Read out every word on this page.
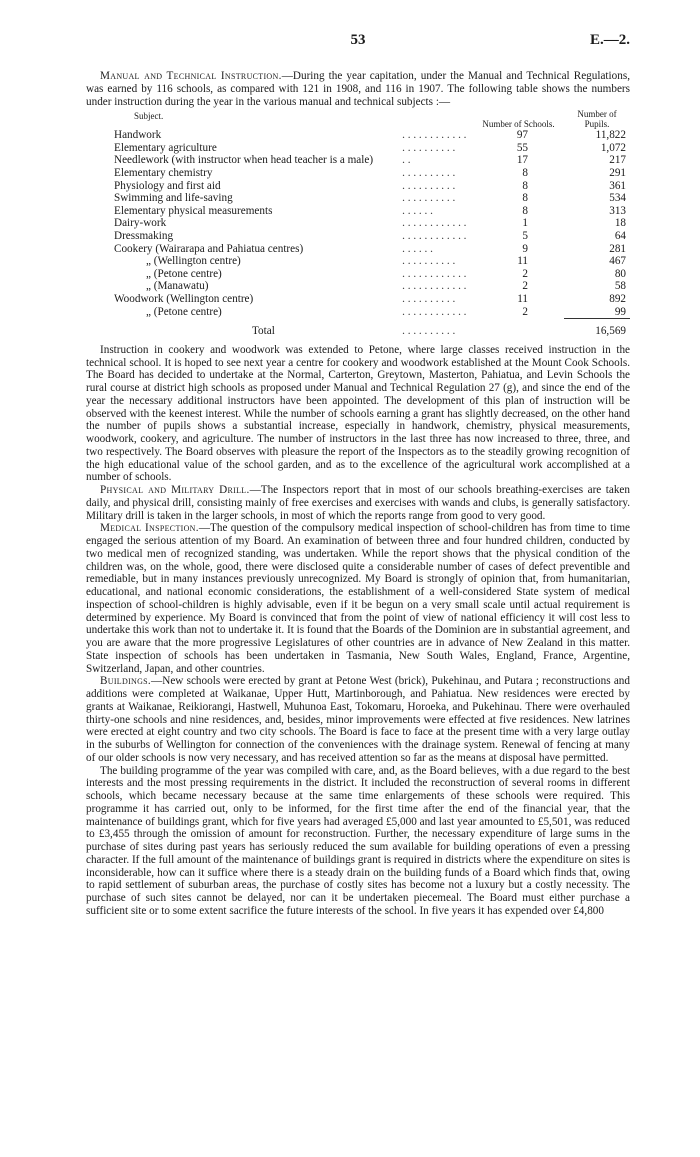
53	E.—2.

Manual and Technical Instruction.—During the year capitation, under the Manual and Technical Regulations, was earned by 116 schools, as compared with 121 in 1908, and 116 in 1907. The following table shows the numbers under instruction during the year in the various manual and technical subjects :—

Subject.		Number of Schools.	Number of Pupils.
Handwork	. . . . . . . . . . . .	97	11,822
Elementary agriculture	. . . . . . . . . .	55	1,072
Needlework (with instructor when head teacher is a male)	. .	17	217
Elementary chemistry	. . . . . . . . . .	8	291
Physiology and first aid	. . . . . . . . . .	8	361
Swimming and life-saving	. . . . . . . . . .	8	534
Elementary physical measurements	. . . . . .	8	313
Dairy-work	. . . . . . . . . . . .	1	18
Dressmaking	. . . . . . . . . . . .	5	64
Cookery (Wairarapa and Pahiatua centres)	. . . . . .	9	281
„ (Wellington centre)	. . . . . . . . . .	11	467
„ (Petone centre)	. . . . . . . . . . . .	2	80
„ (Manawatu)	. . . . . . . . . . . .	2	58
Woodwork (Wellington centre)	. . . . . . . . . .	11	892
„ (Petone centre)	. . . . . . . . . . . .	2	99
Total	. . . . . . . . . .		16,569

Instruction in cookery and woodwork was extended to Petone, where large classes received instruction in the technical school. It is hoped to see next year a centre for cookery and woodwork established at the Mount Cook Schools. The Board has decided to undertake at the Normal, Carterton, Greytown, Masterton, Pahiatua, and Levin Schools the rural course at district high schools as proposed under Manual and Technical Regulation 27 (g), and since the end of the year the necessary additional instructors have been appointed. The development of this plan of instruction will be observed with the keenest interest. While the number of schools earning a grant has slightly decreased, on the other hand the number of pupils shows a substantial increase, especially in handwork, chemistry, physical measurements, woodwork, cookery, and agriculture. The number of instructors in the last three has now increased to three, three, and two respectively. The Board observes with pleasure the report of the Inspectors as to the steadily growing recognition of the high educational value of the school garden, and as to the excellence of the agricultural work accomplished at a number of schools.

Physical and Military Drill.—The Inspectors report that in most of our schools breathing-exercises are taken daily, and physical drill, consisting mainly of free exercises and exercises with wands and clubs, is generally satisfactory. Military drill is taken in the larger schools, in most of which the reports range from good to very good.

Medical Inspection.—The question of the compulsory medical inspection of school-children has from time to time engaged the serious attention of my Board. An examination of between three and four hundred children, conducted by two medical men of recognized standing, was undertaken. While the report shows that the physical condition of the children was, on the whole, good, there were disclosed quite a considerable number of cases of defect preventible and remediable, but in many instances previously unrecognized. My Board is strongly of opinion that, from humanitarian, educational, and national economic considerations, the establishment of a well-considered State system of medical inspection of school-children is highly advisable, even if it be begun on a very small scale until actual requirement is determined by experience. My Board is convinced that from the point of view of national efficiency it will cost less to undertake this work than not to undertake it. It is found that the Boards of the Dominion are in substantial agreement, and you are aware that the more progressive Legislatures of other countries are in advance of New Zealand in this matter. State inspection of schools has been undertaken in Tasmania, New South Wales, England, France, Argentine, Switzerland, Japan, and other countries.

Buildings.—New schools were erected by grant at Petone West (brick), Pukehinau, and Putara ; reconstructions and additions were completed at Waikanae, Upper Hutt, Martinborough, and Pahiatua. New residences were erected by grants at Waikanae, Reikiorangi, Hastwell, Muhunoa East, Tokomaru, Horoeka, and Pukehinau. There were overhauled thirty-one schools and nine residences, and, besides, minor improvements were effected at five residences. New latrines were erected at eight country and two city schools. The Board is face to face at the present time with a very large outlay in the suburbs of Wellington for connection of the conveniences with the drainage system. Renewal of fencing at many of our older schools is now very necessary, and has received attention so far as the means at disposal have permitted.

The building programme of the year was compiled with care, and, as the Board believes, with a due regard to the best interests and the most pressing requirements in the district. It included the reconstruction of several rooms in different schools, which became necessary because at the same time enlargements of these schools were required. This programme it has carried out, only to be informed, for the first time after the end of the financial year, that the maintenance of buildings grant, which for five years had averaged £5,000 and last year amounted to £5,501, was reduced to £3,455 through the omission of amount for reconstruction. Further, the necessary expenditure of large sums in the purchase of sites during past years has seriously reduced the sum available for building operations of even a pressing character. If the full amount of the maintenance of buildings grant is required in districts where the expenditure on sites is inconsiderable, how can it suffice where there is a steady drain on the building funds of a Board which finds that, owing to rapid settlement of suburban areas, the purchase of costly sites has become not a luxury but a costly necessity. The purchase of such sites cannot be delayed, nor can it be undertaken piecemeal. The Board must either purchase a sufficient site or to some extent sacrifice the future interests of the school. In five years it has expended over £4,800
